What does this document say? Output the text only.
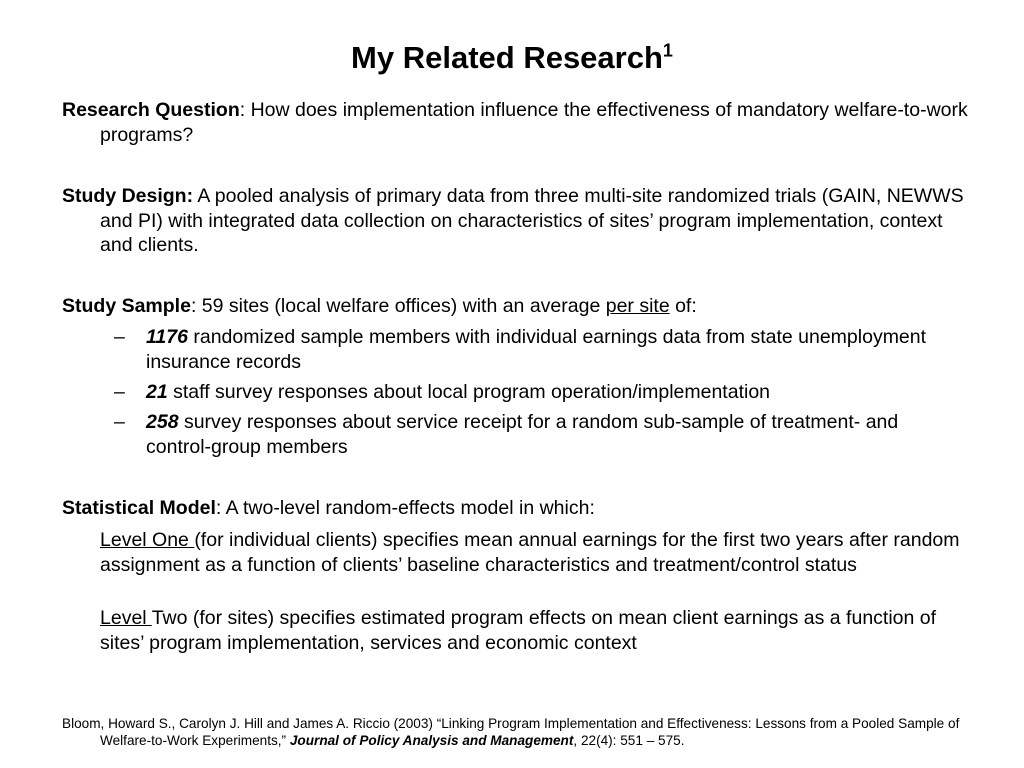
My Related Research$^1$

Research Question: How does implementation influence the effectiveness of mandatory welfare-to-work programs?

Study Design: A pooled analysis of primary data from three multi-site randomized trials (GAIN, NEWWS and PI) with integrated data collection on characteristics of sites’ program implementation, context and clients.

Study Sample: 59 sites (local welfare offices) with an average per site of:

–	1176 randomized sample members with individual earnings data from state unemployment insurance records
–	21 staff survey responses about local program operation/implementation
–	258 survey responses about service receipt for a random sub-sample of treatment- and control-group members

Statistical Model: A two-level random-effects model in which:

Level One (for individual clients) specifies mean annual earnings for the first two years after random assignment as a function of clients’ baseline characteristics and treatment/control status
Level Two (for sites) specifies estimated program effects on mean client earnings as a function of sites’ program implementation, services and economic context

Bloom, Howard S., Carolyn J. Hill and James A. Riccio (2003) “Linking Program Implementation and Effectiveness: Lessons from a Pooled Sample of Welfare-to-Work Experiments,” Journal of Policy Analysis and Management, 22(4): 551 – 575.
